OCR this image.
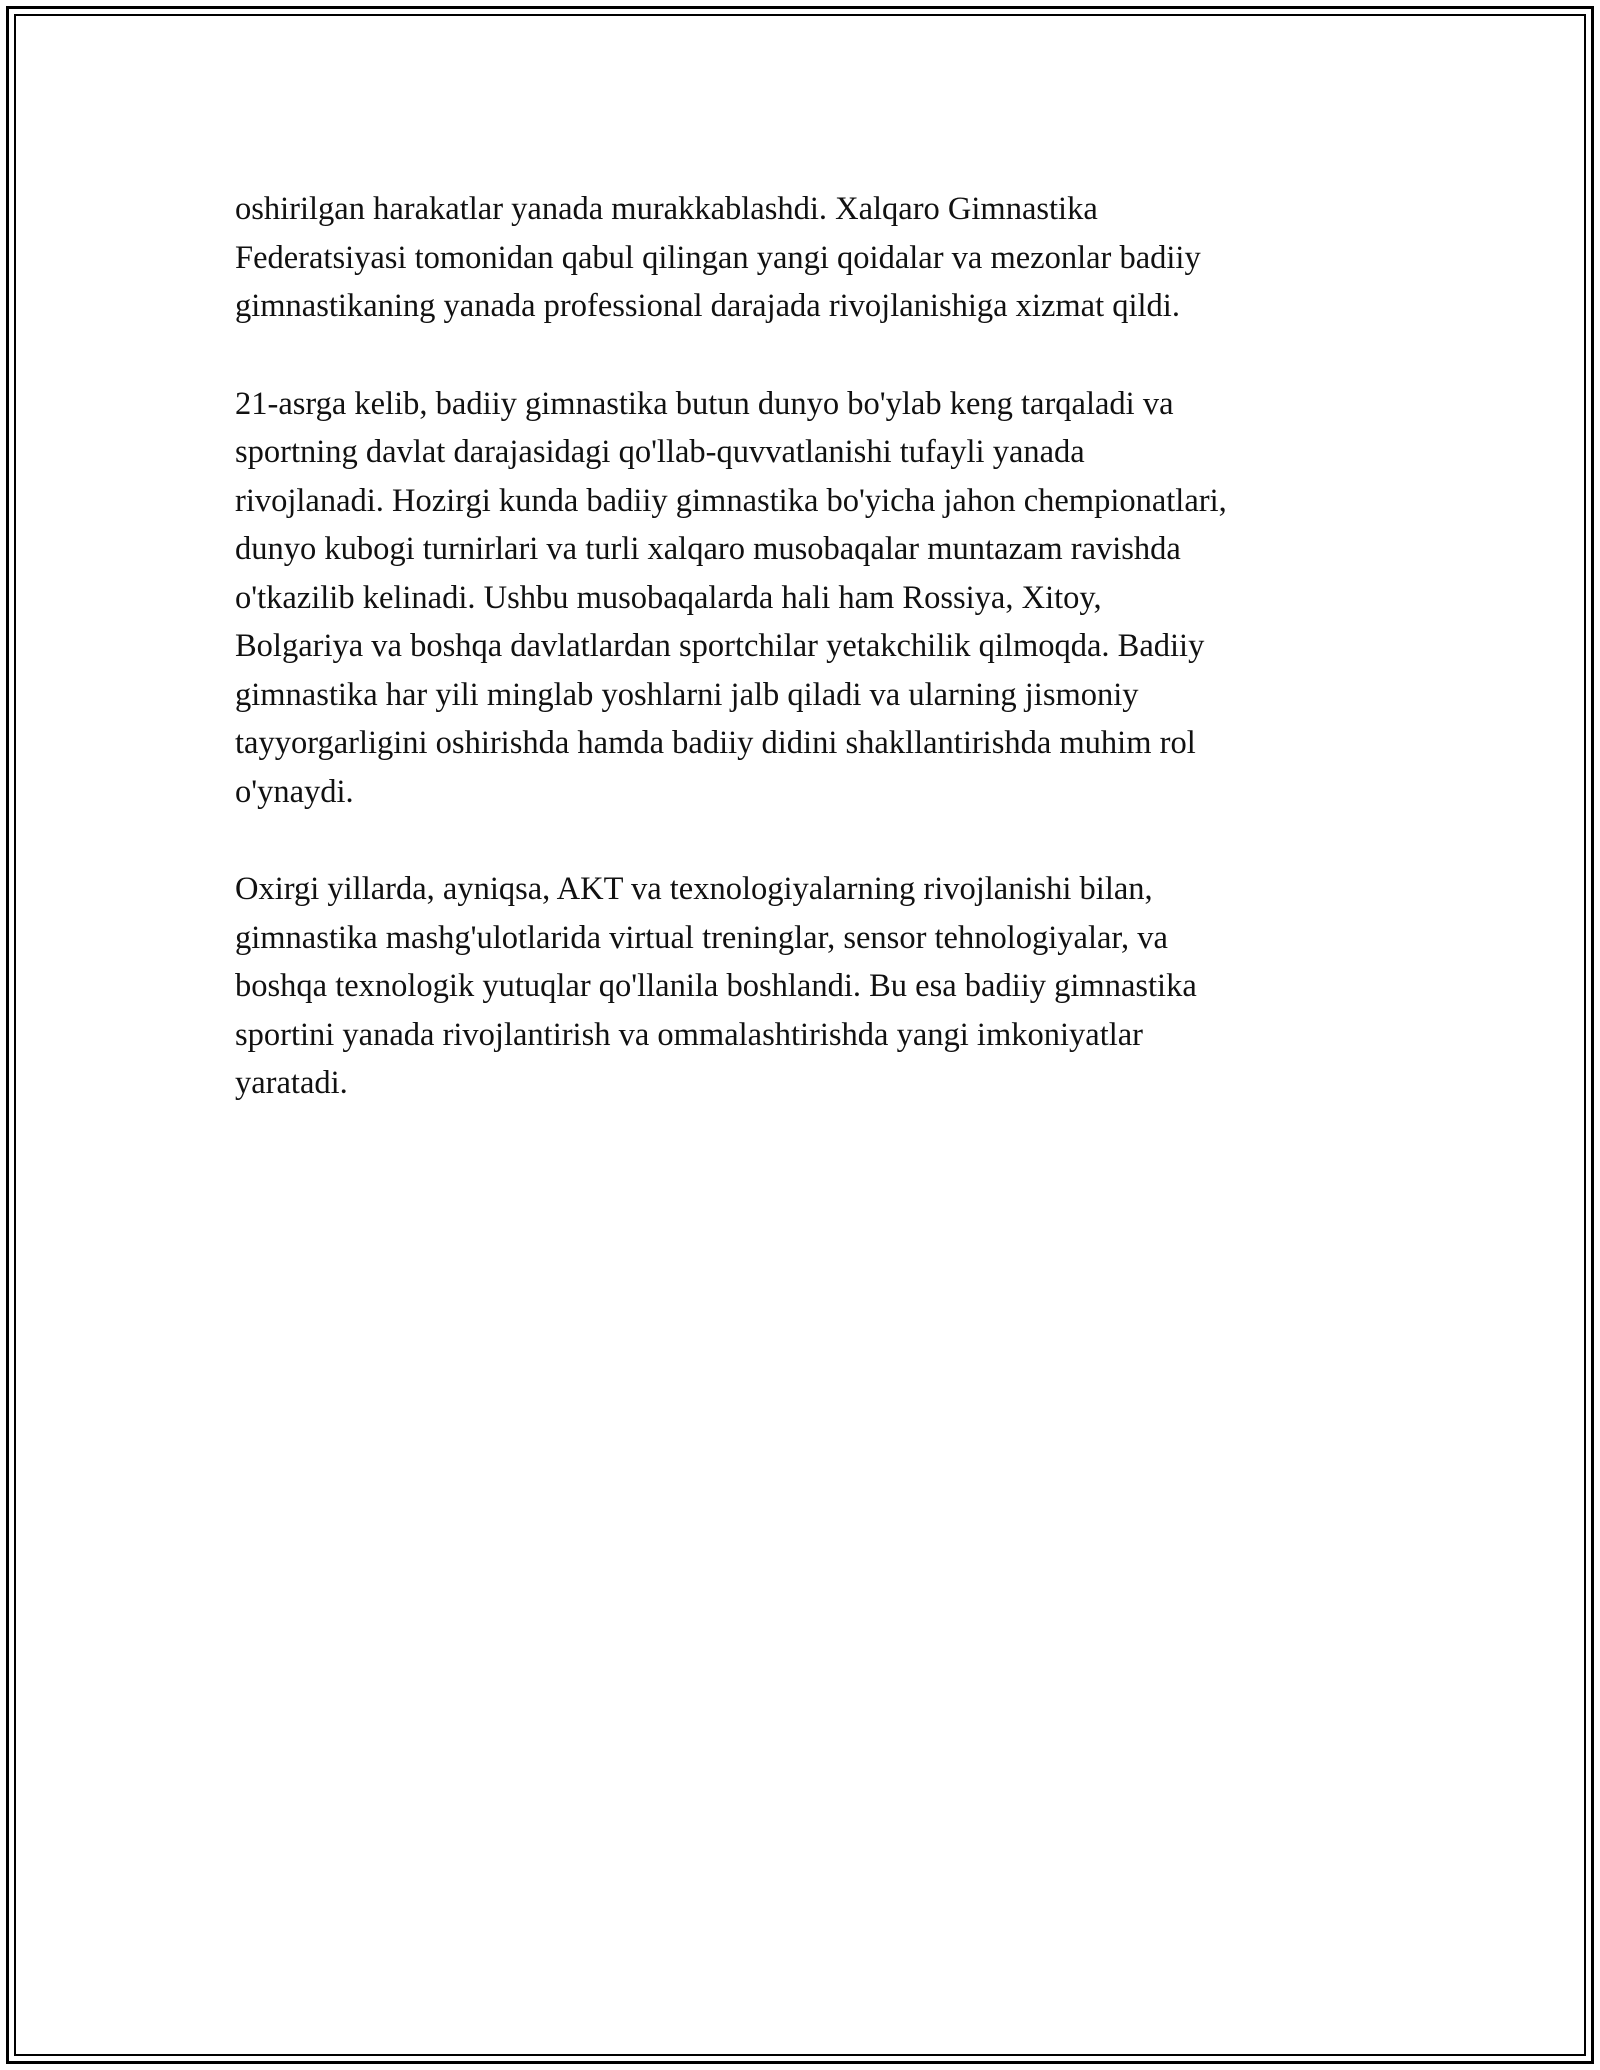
oshirilgan harakatlar yanada murakkablashdi. Xalqaro Gimnastika
Federatsiyasi tomonidan qabul qilingan yangi qoidalar va mezonlar badiiy
gimnastikaning yanada professional darajada rivojlanishiga xizmat qildi.

21-asrga kelib, badiiy gimnastika butun dunyo bo'ylab keng tarqaladi va
sportning davlat darajasidagi qo'llab-quvvatlanishi tufayli yanada
rivojlanadi. Hozirgi kunda badiiy gimnastika bo'yicha jahon chempionatlari,
dunyo kubogi turnirlari va turli xalqaro musobaqalar muntazam ravishda
o'tkazilib kelinadi. Ushbu musobaqalarda hali ham Rossiya, Xitoy,
Bolgariya va boshqa davlatlardan sportchilar yetakchilik qilmoqda. Badiiy
gimnastika har yili minglab yoshlarni jalb qiladi va ularning jismoniy
tayyorgarligini oshirishda hamda badiiy didini shakllantirishda muhim rol
o'ynaydi.

Oxirgi yillarda, ayniqsa, AKT va texnologiyalarning rivojlanishi bilan,
gimnastika mashg'ulotlarida virtual treninglar, sensor tehnologiyalar, va
boshqa texnologik yutuqlar qo'llanila boshlandi. Bu esa badiiy gimnastika
sportini yanada rivojlantirish va ommalashtirishda yangi imkoniyatlar
yaratadi.
